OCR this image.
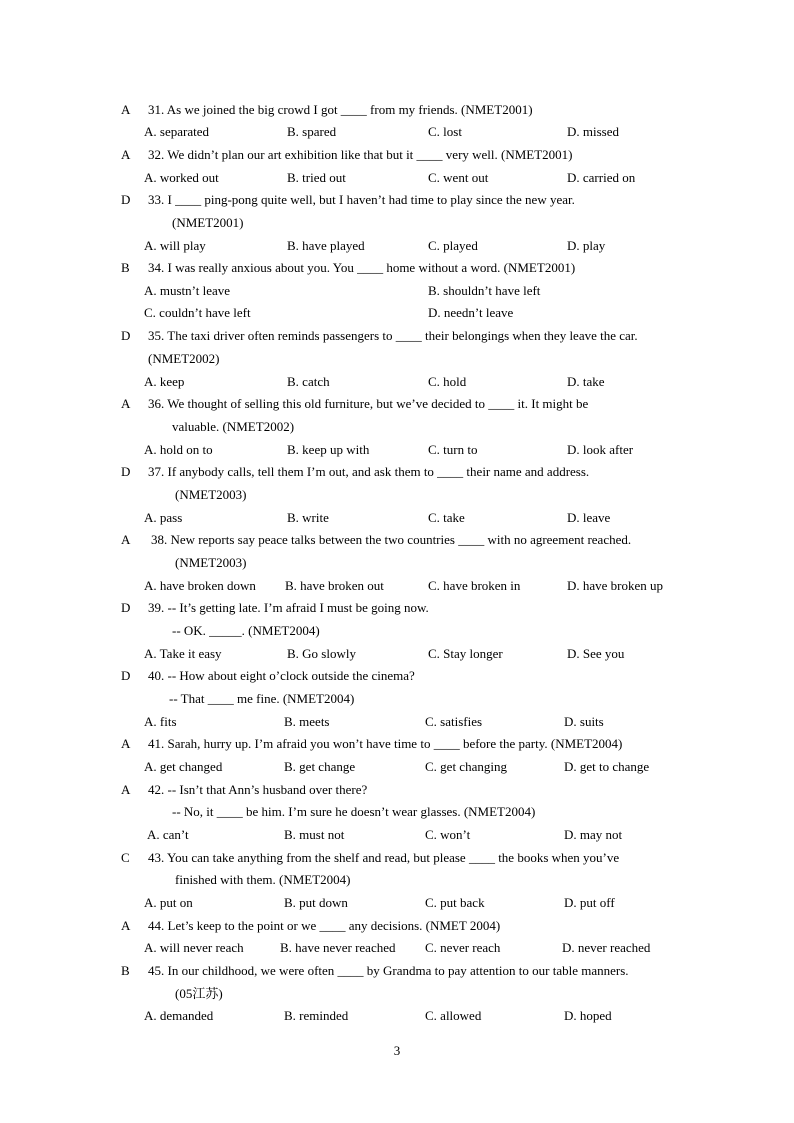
A 31. As we joined the big crowd I got ____ from my friends. (NMET2001)
A. separated	B. spared	C. lost	D. missed
A 32. We didn’t plan our art exhibition like that but it ____ very well. (NMET2001)
A. worked out	B. tried out	C. went out	D. carried on
D 33. I ____ ping-pong quite well, but I haven’t had time to play since the new year.
(NMET2001)
A. will play	B. have played	C. played	D. play
B 34. I was really anxious about you. You ____ home without a word. (NMET2001)
A. mustn’t leave	B. shouldn’t have left
C. couldn’t have left	D. needn’t leave
D 35. The taxi driver often reminds passengers to ____ their belongings when they leave the car.
(NMET2002)
A. keep	B. catch	C. hold	D. take
A 36. We thought of selling this old furniture, but we’ve decided to ____ it. It might be
valuable. (NMET2002)
A. hold on to	B. keep up with	C. turn to	D. look after
D 37. If anybody calls, tell them I’m out, and ask them to ____ their name and address.
(NMET2003)
A. pass	B. write	C. take	D. leave
A 38. New reports say peace talks between the two countries ____ with no agreement reached.
(NMET2003)
A. have broken down B. have broken out	C. have broken in	D. have broken up
D 39. -- It’s getting late. I’m afraid I must be going now.
-- OK. _____. (NMET2004)
A. Take it easy	B. Go slowly	C. Stay longer	D. See you
D 40. -- How about eight o’clock outside the cinema?
-- That ____ me fine. (NMET2004)
A. fits	B. meets	C. satisfies	D. suits
A 41. Sarah, hurry up. I’m afraid you won’t have time to ____ before the party. (NMET2004)
A. get changed	B. get change	C. get changing	D. get to change
A 42. -- Isn’t that Ann’s husband over there?
-- No, it ____ be him. I’m sure he doesn’t wear glasses. (NMET2004)
A. can’t	B. must not	C. won’t	D. may not
C 43. You can take anything from the shelf and read, but please ____ the books when you’ve
finished with them. (NMET2004)
A. put on	B. put down	C. put back	D. put off
A 44. Let’s keep to the point or we ____ any decisions. (NMET 2004)
A. will never reach	B. have never reached C. never reach	D. never reached
B 45. In our childhood, we were often ____ by Grandma to pay attention to our table manners.
(05江苏)
A. demanded	B. reminded	C. allowed	D. hoped
3
